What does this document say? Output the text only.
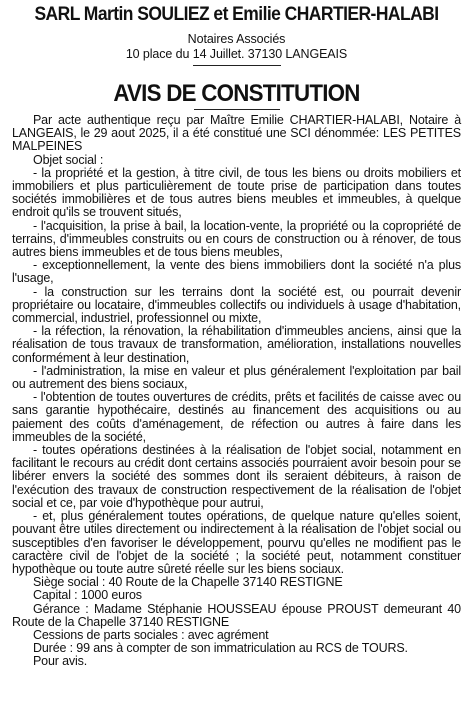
SARL Martin SOULIEZ et Emilie CHARTIER-HALABI
Notaires Associés
10 place du 14 Juillet. 37130 LANGEAIS
AVIS DE CONSTITUTION

Par acte authentique reçu par Maître Emilie CHARTIER-HALABI, Notaire à LANGEAIS, le 29 aout 2025, il a été constitué une SCI dénommée: LES PETITES MALPEINES

Objet social :

- la propriété et la gestion, à titre civil, de tous les biens ou droits mobiliers et immobiliers et plus particulièrement de toute prise de participation dans toutes sociétés immobilières et de tous autres biens meubles et immeubles, à quelque endroit qu'ils se trouvent situés,

- l'acquisition, la prise à bail, la location-vente, la propriété ou la copropriété de terrains, d'immeubles construits ou en cours de construction ou à rénover, de tous autres biens immeubles et de tous biens meubles,

- exceptionnellement, la vente des biens immobiliers dont la société n'a plus l'usage,

- la construction sur les terrains dont la société est, ou pourrait devenir propriétaire ou locataire, d'immeubles collectifs ou individuels à usage d'habitation, commercial, industriel, professionnel ou mixte,

- la réfection, la rénovation, la réhabilitation d'immeubles anciens, ainsi que la réalisation de tous travaux de transformation, amélioration, installations nouvelles conformément à leur destination,

- l'administration, la mise en valeur et plus généralement l'exploitation par bail ou autrement des biens sociaux,

- l'obtention de toutes ouvertures de crédits, prêts et facilités de caisse avec ou sans garantie hypothécaire, destinés au financement des acquisitions ou au paiement des coûts d'aménagement, de réfection ou autres à faire dans les immeubles de la société,

- toutes opérations destinées à la réalisation de l'objet social, notamment en facilitant le recours au crédit dont certains associés pourraient avoir besoin pour se libérer envers la société des sommes dont ils seraient débiteurs, à raison de l'exécution des travaux de construction respectivement de la réalisation de l'objet social et ce, par voie d'hypothèque pour autrui,

- et, plus généralement toutes opérations, de quelque nature qu'elles soient, pouvant être utiles directement ou indirectement à la réalisation de l'objet social ou susceptibles d'en favoriser le développement, pourvu qu'elles ne modifient pas le caractère civil de l'objet de la société ; la société peut, notamment constituer hypothèque ou toute autre sûreté réelle sur les biens sociaux.

Siège social : 40 Route de la Chapelle 37140 RESTIGNE

Capital : 1000 euros

Gérance : Madame Stéphanie HOUSSEAU épouse PROUST demeurant 40 Route de la Chapelle 37140 RESTIGNE

Cessions de parts sociales : avec agrément

Durée : 99 ans à compter de son immatriculation au RCS de TOURS.

Pour avis.
